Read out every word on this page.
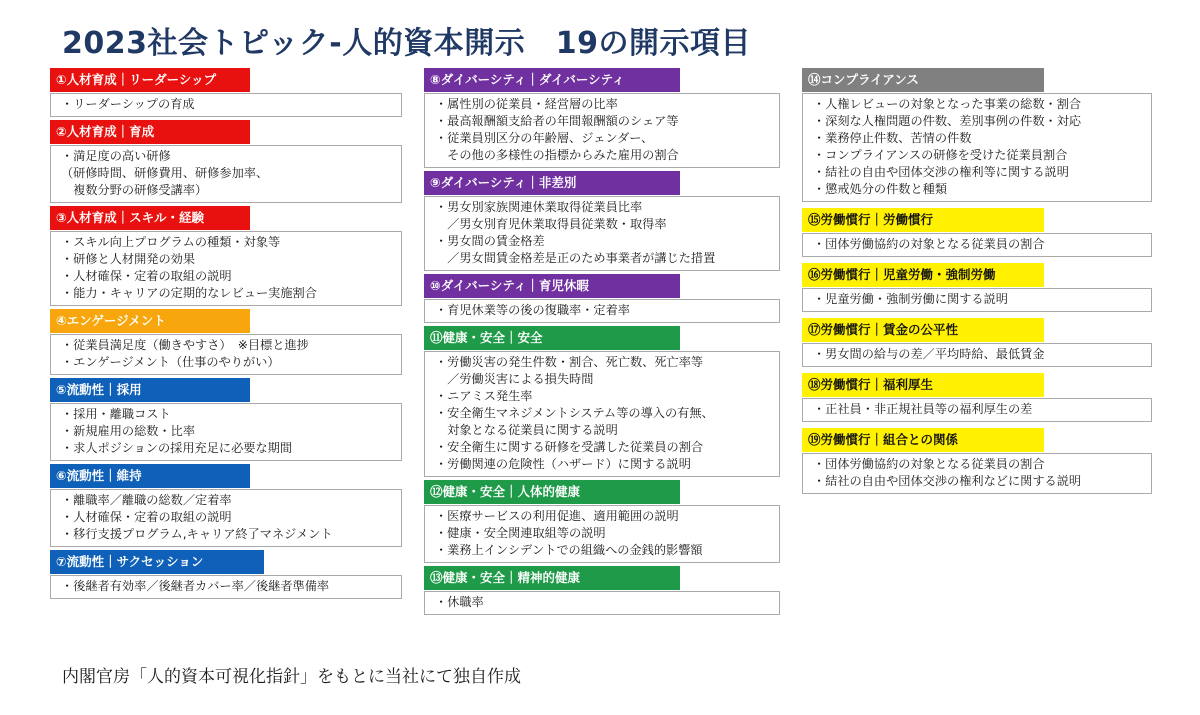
2023社会トピック-人的資本開示　19の開示項目
①人材育成｜リーダーシップ
・リーダーシップの育成
②人材育成｜育成
・満足度の高い研修
（研修時間、研修費用、研修参加率、
　複数分野の研修受講率）
③人材育成｜スキル・経験
・スキル向上プログラムの種類・対象等
・研修と人材開発の効果
・人材確保・定着の取組の説明
・能力・キャリアの定期的なレビュー実施割合
④エンゲージメント
・従業員満足度（働きやすさ）　※目標と進捗
・エンゲージメント（仕事のやりがい）
⑤流動性｜採用
・採用・離職コスト
・新規雇用の総数・比率
・求人ポジションの採用充足に必要な期間
⑥流動性｜維持
・離職率／離職の総数／定着率
・人材確保・定着の取組の説明
・移行支援プログラム,キャリア終了マネジメント
⑦流動性｜サクセッション
・後継者有効率／後継者カバー率／後継者準備率
⑧ダイバーシティ｜ダイバーシティ
・属性別の従業員・経営層の比率
・最高報酬額支給者の年間報酬額のシェア等
・従業員別区分の年齢層、ジェンダー、
　その他の多様性の指標からみた雇用の割合
⑨ダイバーシティ｜非差別
・男女別家族関連休業取得従業員比率
　／男女別育児休業取得員従業数・取得率
・男女間の賃金格差
　／男女間賃金格差是正のため事業者が講じた措置
⑩ダイバーシティ｜育児休暇
・育児休業等の後の復職率・定着率
⑪健康・安全｜安全
・労働災害の発生件数・割合、死亡数、死亡率等
　／労働災害による損失時間
・ニアミス発生率
・安全衛生マネジメントシステム等の導入の有無、
　対象となる従業員に関する説明
・安全衛生に関する研修を受講した従業員の割合
・労働関連の危険性（ハザード）に関する説明
⑫健康・安全｜人体的健康
・医療サービスの利用促進、適用範囲の説明
・健康・安全関連取組等の説明
・業務上インシデントでの組織への金銭的影響額
⑬健康・安全｜精神的健康
・休職率
⑭コンプライアンス
・人権レビューの対象となった事業の総数・割合
・深刻な人権問題の件数、差別事例の件数・対応
・業務停止件数、苦情の件数
・コンプライアンスの研修を受けた従業員割合
・結社の自由や団体交渉の権利等に関する説明
・懲戒処分の件数と種類
⑮労働慣行｜労働慣行
・団体労働協約の対象となる従業員の割合
⑯労働慣行｜児童労働・強制労働
・児童労働・強制労働に関する説明
⑰労働慣行｜賃金の公平性
・男女間の給与の差／平均時給、最低賃金
⑱労働慣行｜福利厚生
・正社員・非正規社員等の福利厚生の差
⑲労働慣行｜組合との関係
・団体労働協約の対象となる従業員の割合
・結社の自由や団体交渉の権利などに関する説明

内閣官房「人的資本可視化指針」をもとに当社にて独自作成
